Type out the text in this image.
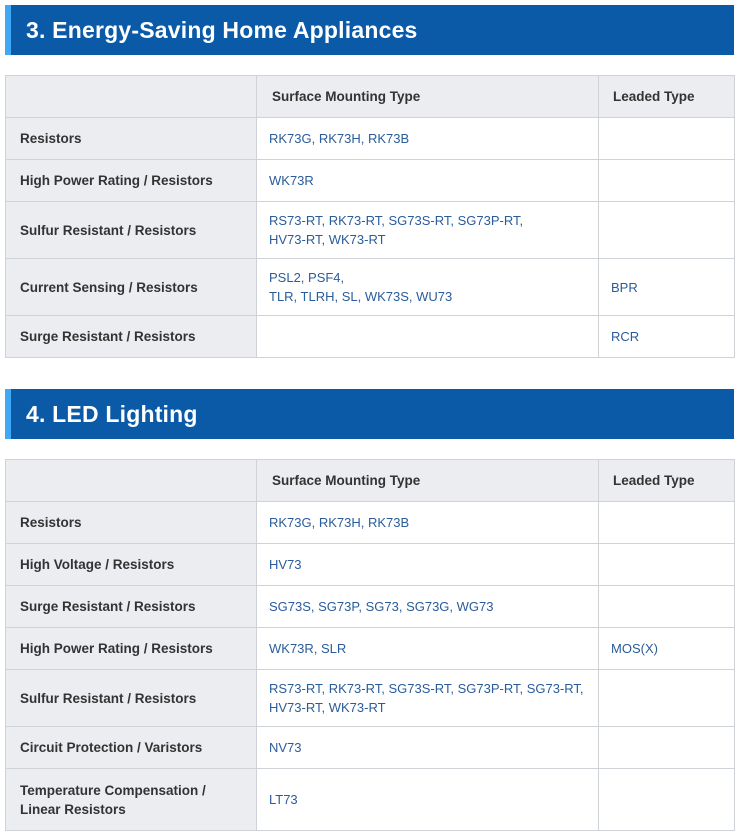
3. Energy-Saving Home Appliances
	Surface Mounting Type	Leaded Type
Resistors	RK73G, RK73H, RK73B	
High Power Rating / Resistors	WK73R	
Sulfur Resistant / Resistors	RS73-RT, RK73-RT, SG73S-RT, SG73P-RT,
HV73-RT, WK73-RT	

Current Sensing / Resistors	PSL2, PSF4,
TLR, TLRH, SL, WK73S, WU73	BPR
Surge Resistant / Resistors		RCR
4. LED Lighting
	Surface Mounting Type	Leaded Type
Resistors	RK73G, RK73H, RK73B	
High Voltage / Resistors	HV73	
Surge Resistant / Resistors	SG73S, SG73P, SG73, SG73G, WG73	
High Power Rating / Resistors	WK73R, SLR	MOS(X)
Sulfur Resistant / Resistors	RS73-RT, RK73-RT, SG73S-RT, SG73P-RT, SG73-RT,
HV73-RT, WK73-RT	

Circuit Protection / Varistors	NV73	

Temperature Compensation /
Linear Resistors	LT73	
